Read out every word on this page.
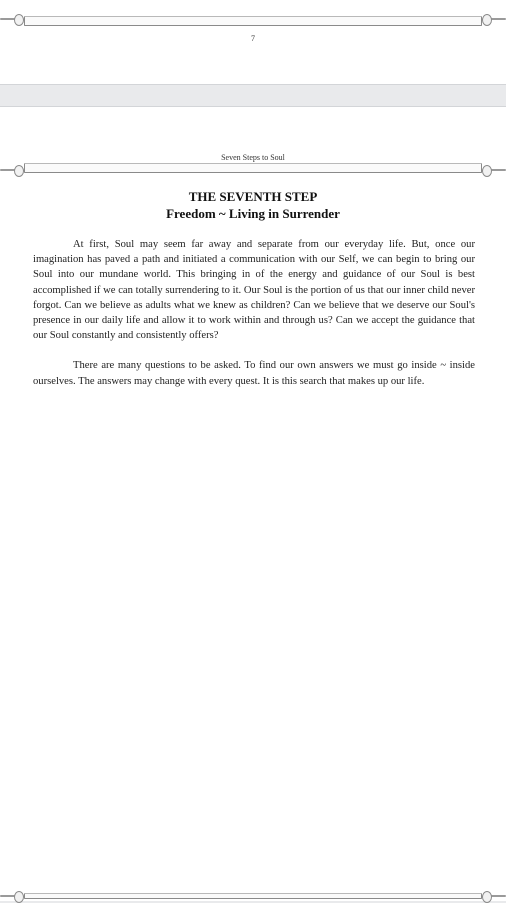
7
Seven Steps to Soul
THE SEVENTH STEP
Freedom ~ Living in Surrender

At first, Soul may seem far away and separate from our everyday life. But, once our imagination has paved a path and initiated a communication with our Self, we can begin to bring our Soul into our mundane world. This bringing in of the energy and guidance of our Soul is best accomplished if we can totally surrendering to it. Our Soul is the portion of us that our inner child never forgot. Can we believe as adults what we knew as children? Can we believe that we deserve our Soul's presence in our daily life and allow it to work within and through us? Can we accept the guidance that our Soul constantly and consistently offers?

There are many questions to be asked. To find our own answers we must go inside ~ inside ourselves. The answers may change with every quest. It is this search that makes up our life.
